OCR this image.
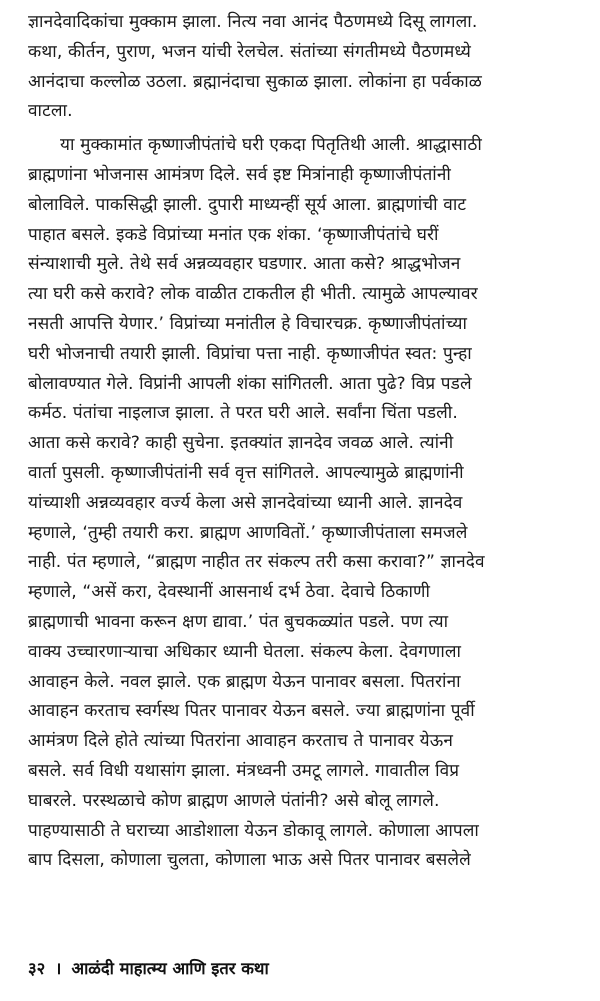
ज्ञानदेवादिकांचा मुक्काम झाला. नित्य नवा आनंद पैठणमध्ये दिसू लागला.
कथा, कीर्तन, पुराण, भजन यांची रेलचेल. संतांच्या संगतीमध्ये पैठणमध्ये
आनंदाचा कल्लोळ उठला. ब्रह्मानंदाचा सुकाळ झाला. लोकांना हा पर्वकाळ
वाटला.
या मुक्कामांत कृष्णाजीपंतांचे घरी एकदा पितृतिथी आली. श्राद्धासाठी
ब्राह्मणांना भोजनास आमंत्रण दिले. सर्व इष्ट मित्रांनाही कृष्णाजीपंतांनी
बोलाविले. पाकसिद्धी झाली. दुपारी माध्यन्हीं सूर्य आला. ब्राह्मणांची वाट
पाहात बसले. इकडे विप्रांच्या मनांत एक शंका. ‘कृष्णाजीपंतांचे घरीं
संन्याशाची मुले. तेथे सर्व अन्नव्यवहार घडणार. आता कसे? श्राद्धभोजन
त्या घरी कसे करावे? लोक वाळीत टाकतील ही भीती. त्यामुळे आपल्यावर
नसती आपत्ति येणार.’ विप्रांच्या मनांतील हे विचारचक्र. कृष्णाजीपंतांच्या
घरी भोजनाची तयारी झाली. विप्रांचा पत्ता नाही. कृष्णाजीपंत स्वत: पुन्हा
बोलावण्यात गेले. विप्रांनी आपली शंका सांगितली. आता पुढे? विप्र पडले
कर्मठ. पंतांचा नाइलाज झाला. ते परत घरी आले. सर्वांना चिंता पडली.
आता कसे करावे? काही सुचेना. इतक्यांत ज्ञानदेव जवळ आले. त्यांनी
वार्ता पुसली. कृष्णाजीपंतांनी सर्व वृत्त सांगितले. आपल्यामुळे ब्राह्मणांनी
यांच्याशी अन्नव्यवहार वर्ज्य केला असे ज्ञानदेवांच्या ध्यानी आले. ज्ञानदेव
म्हणाले, ‘तुम्ही तयारी करा. ब्राह्मण आणवितों.’ कृष्णाजीपंताला समजले
नाही. पंत म्हणाले, “ब्राह्मण नाहीत तर संकल्प तरी कसा करावा?” ज्ञानदेव
म्हणाले, “असें करा, देवस्थानीं आसनार्थ दर्भ ठेवा. देवाचे ठिकाणी
ब्राह्मणाची भावना करून क्षण द्यावा.’ पंत बुचकळ्यांत पडले. पण त्या
वाक्य उच्चारणाऱ्याचा अधिकार ध्यानी घेतला. संकल्प केला. देवगणाला
आवाहन केले. नवल झाले. एक ब्राह्मण येऊन पानावर बसला. पितरांना
आवाहन करताच स्वर्गस्थ पितर पानावर येऊन बसले. ज्या ब्राह्मणांना पूर्वी
आमंत्रण दिले होते त्यांच्या पितरांना आवाहन करताच ते पानावर येऊन
बसले. सर्व विधी यथासांग झाला. मंत्रध्वनी उमटू लागले. गावातील विप्र
घाबरले. परस्थळाचे कोण ब्राह्मण आणले पंतांनी? असे बोलू लागले.
पाहण्यासाठी ते घराच्या आडोशाला येऊन डोकावू लागले. कोणाला आपला
बाप दिसला, कोणाला चुलता, कोणाला भाऊ असे पितर पानावर बसलेले
३२ । आळंदी माहात्म्य आणि इतर कथा
